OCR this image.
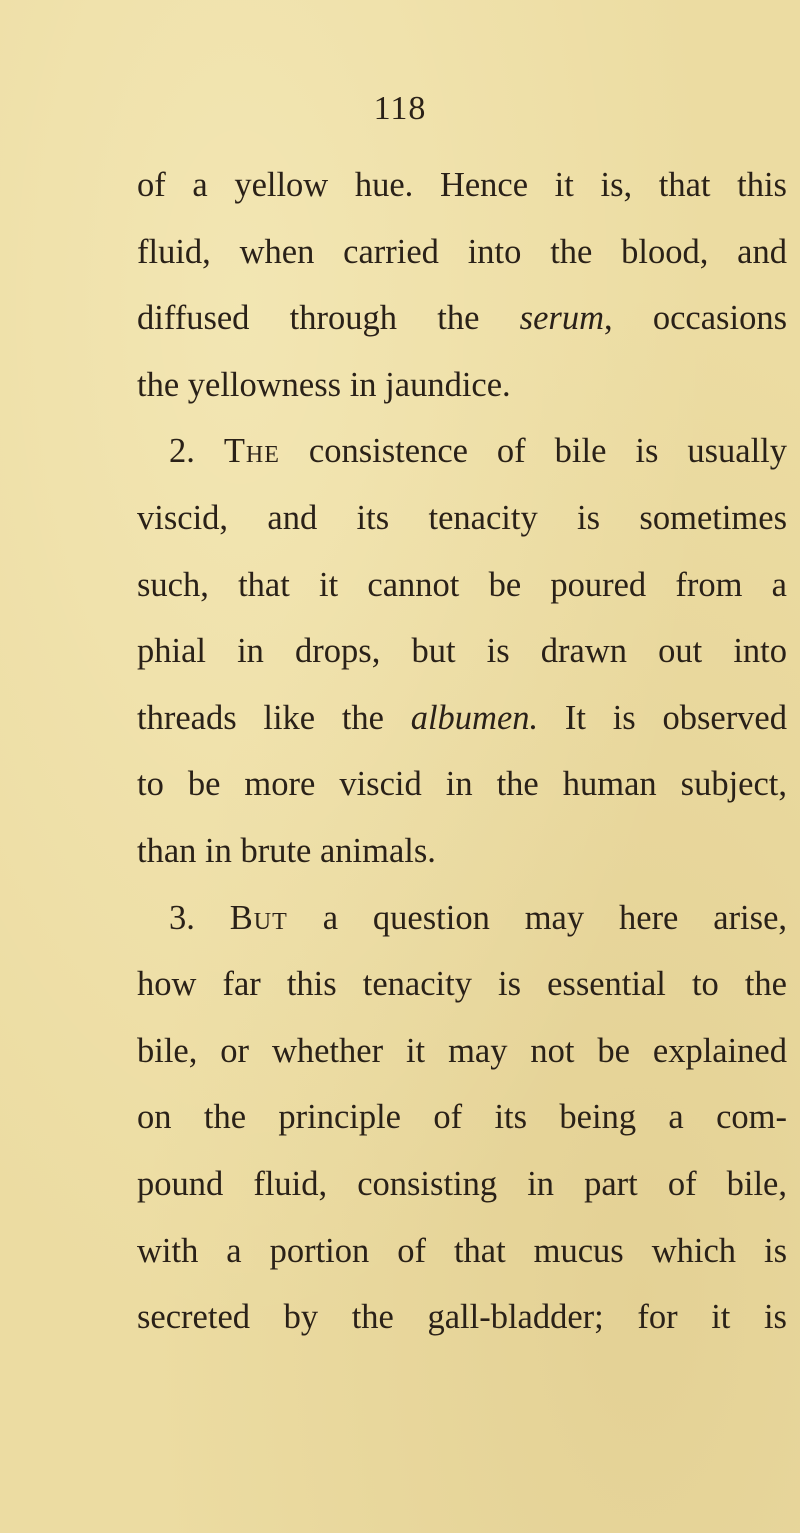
118
of a yellow hue. Hence it is, that this
fluid, when carried into the blood, and
diffused through the serum, occasions
the yellowness in jaundice.
2. The consistence of bile is usually
viscid, and its tenacity is sometimes
such, that it cannot be poured from a
phial in drops, but is drawn out into
threads like the albumen. It is observed
to be more viscid in the human subject,
than in brute animals.
3. But a question may here arise,
how far this tenacity is essential to the
bile, or whether it may not be explained
on the principle of its being a com-
pound fluid, consisting in part of bile,
with a portion of that mucus which is
secreted by the gall-bladder; for it is
